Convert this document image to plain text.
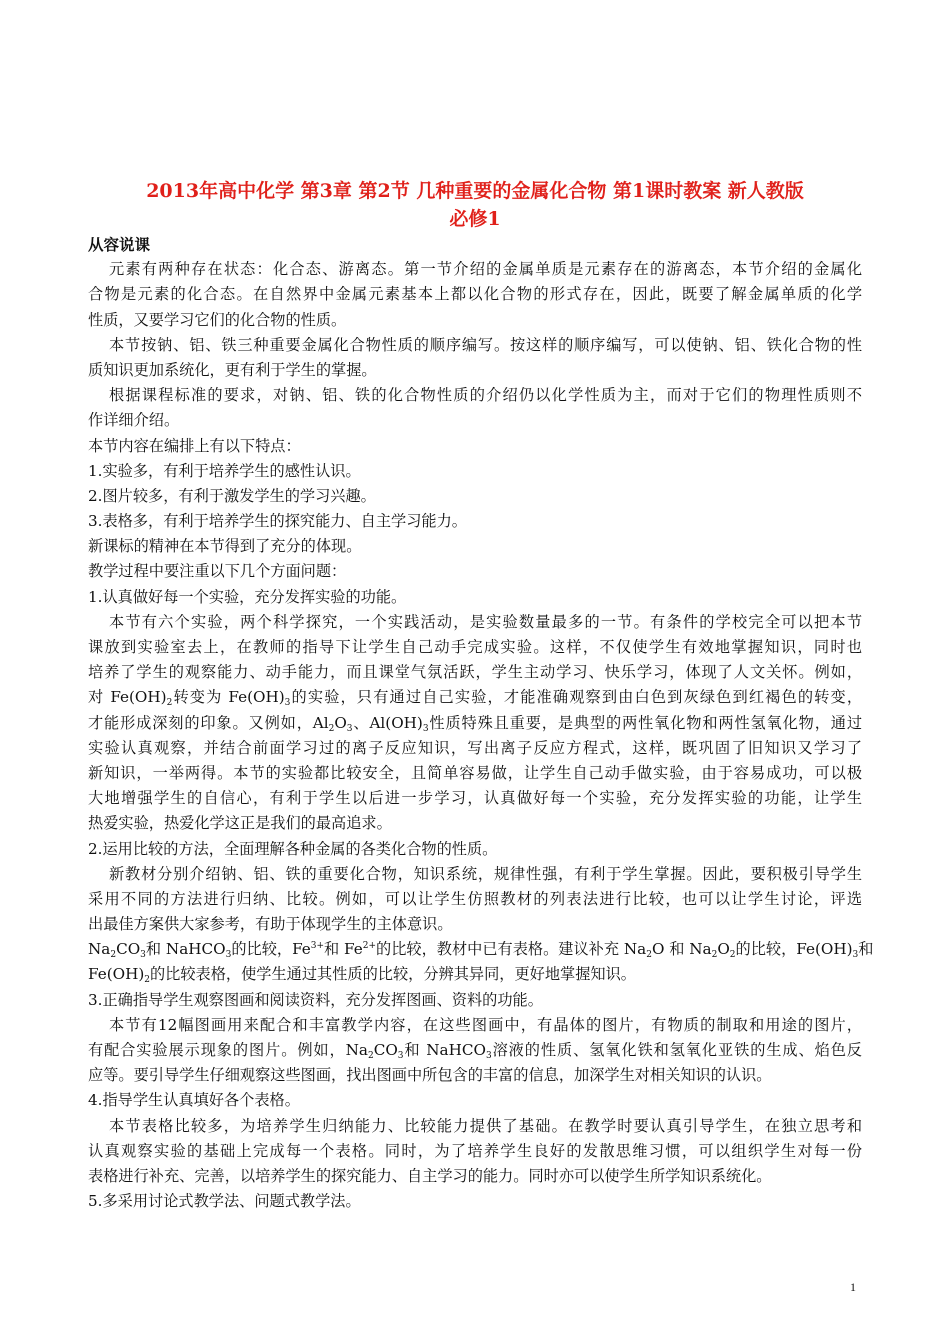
2013年高中化学 第3章 第2节 几种重要的金属化合物 第1课时教案 新人教版
必修1
从容说课
元素有两种存在状态：化合态、游离态。第一节介绍的金属单质是元素存在的游离态，本节介绍的金属化
合物是元素的化合态。在自然界中金属元素基本上都以化合物的形式存在，因此，既要了解金属单质的化学
性质，又要学习它们的化合物的性质。
本节按钠、铝、铁三种重要金属化合物性质的顺序编写。按这样的顺序编写，可以使钠、铝、铁化合物的性
质知识更加系统化，更有利于学生的掌握。
根据课程标准的要求，对钠、铝、铁的化合物性质的介绍仍以化学性质为主，而对于它们的物理性质则不
作详细介绍。
本节内容在编排上有以下特点：
1.实验多，有利于培养学生的感性认识。
2.图片较多，有利于激发学生的学习兴趣。
3.表格多，有利于培养学生的探究能力、自主学习能力。
新课标的精神在本节得到了充分的体现。
教学过程中要注重以下几个方面问题：
1.认真做好每一个实验，充分发挥实验的功能。
本节有六个实验，两个科学探究，一个实践活动，是实验数量最多的一节。有条件的学校完全可以把本节
课放到实验室去上，在教师的指导下让学生自己动手完成实验。这样，不仅使学生有效地掌握知识，同时也
培养了学生的观察能力、动手能力，而且课堂气氛活跃，学生主动学习、快乐学习，体现了人文关怀。例如，
对 $Fe(OH)_2$转变为 $Fe(OH)_3$的实验，只有通过自己实验，才能准确观察到由白色到灰绿色到红褐色的转变，
才能形成深刻的印象。又例如，$Al_2O_3$、$Al(OH)_3$性质特殊且重要，是典型的两性氧化物和两性氢氧化物，通过
实验认真观察，并结合前面学习过的离子反应知识，写出离子反应方程式，这样，既巩固了旧知识又学习了
新知识，一举两得。本节的实验都比较安全，且简单容易做，让学生自己动手做实验，由于容易成功，可以极
大地增强学生的自信心，有利于学生以后进一步学习，认真做好每一个实验，充分发挥实验的功能，让学生
热爱实验，热爱化学这正是我们的最高追求。
2.运用比较的方法，全面理解各种金属的各类化合物的性质。
新教材分别介绍钠、铝、铁的重要化合物，知识系统，规律性强，有利于学生掌握。因此，要积极引导学生
采用不同的方法进行归纳、比较。例如，可以让学生仿照教材的列表法进行比较，也可以让学生讨论，评选
出最佳方案供大家参考，有助于体现学生的主体意识。
$Na_2CO_3$和 NaHCO$_3$的比较，$Fe^{3+}$和 $Fe^{2+}$的比较，教材中已有表格。建议补充 $Na_2O$ 和 $Na_2O_2$的比较，$Fe(OH)_3$和
$Fe(OH)_2$的比较表格，使学生通过其性质的比较，分辨其异同，更好地掌握知识。
3.正确指导学生观察图画和阅读资料，充分发挥图画、资料的功能。
本节有12幅图画用来配合和丰富教学内容，在这些图画中，有晶体的图片，有物质的制取和用途的图片，
有配合实验展示现象的图片。例如，$Na_2CO_3$和 NaHCO$_3$溶液的性质、氢氧化铁和氢氧化亚铁的生成、焰色反
应等。要引导学生仔细观察这些图画，找出图画中所包含的丰富的信息，加深学生对相关知识的认识。
4.指导学生认真填好各个表格。
本节表格比较多，为培养学生归纳能力、比较能力提供了基础。在教学时要认真引导学生，在独立思考和
认真观察实验的基础上完成每一个表格。同时，为了培养学生良好的发散思维习惯，可以组织学生对每一份
表格进行补充、完善，以培养学生的探究能力、自主学习的能力。同时亦可以使学生所学知识系统化。
5.多采用讨论式教学法、问题式教学法。
1
